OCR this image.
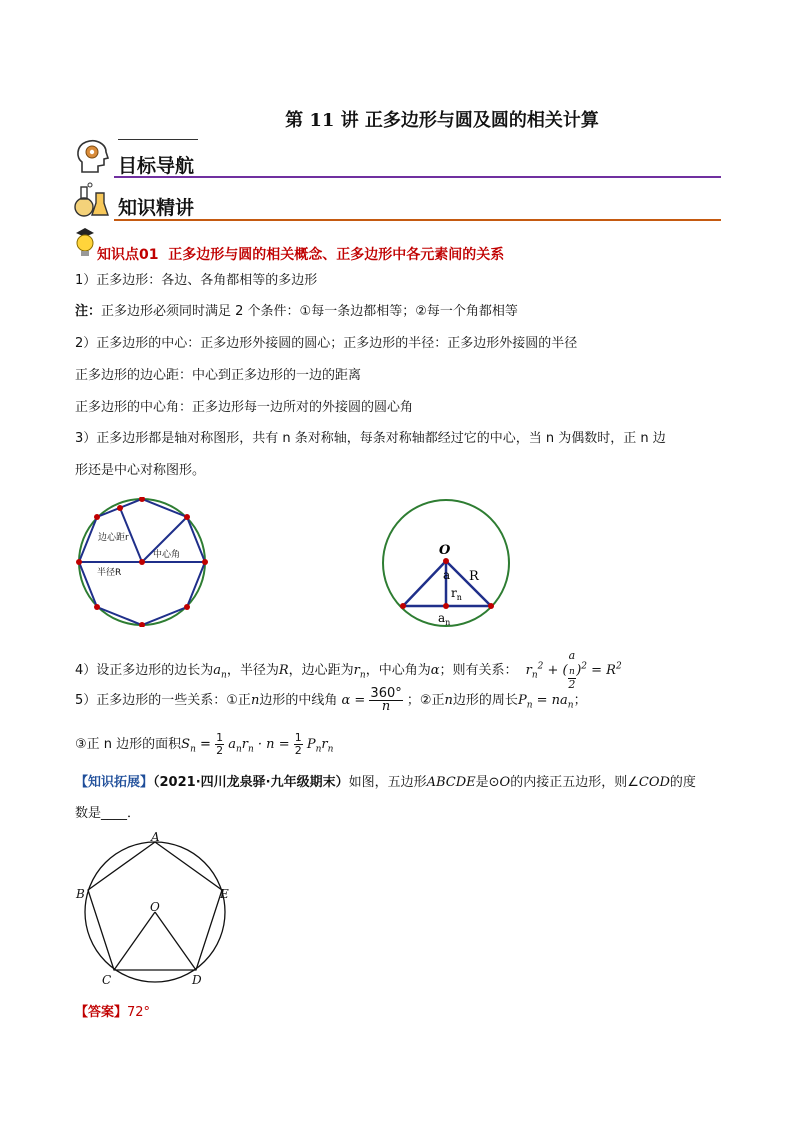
第 11 讲 正多边形与圆及圆的相关计算
目标导航
知识精讲
知识点01 正多边形与圆的相关概念、正多边形中各元素间的关系
1）正多边形：各边、各角都相等的多边形
注：正多边形必须同时满足 2 个条件：①每一条边都相等；②每一个角都相等
2）正多边形的中心：正多边形外接圆的圆心；正多边形的半径：正多边形外接圆的半径
正多边形的边心距：中心到正多边形的一边的距离
正多边形的中心角：正多边形每一边所对的外接圆的圆心角
3）正多边形都是轴对称图形，共有 n 条对称轴，每条对称轴都经过它的中心，当 n 为偶数时，正 n 边
形还是中心对称图形。
边心距r
中心角
半径R
O
a R
$r_n$
$a_n$
4）设正多边形的边长为$a_n$，半径为R，边心距为$r_n$，中心角为α；则有关系： $r_n^2$ + ( a
$_n$
2 )$^2 = R^2$
5）正多边形的一些关系：①正n边形的中线角 $\alpha = \frac{360^\circ}{n}$ ；②正n边形的周长$P_n = na_n$；
③正 n 边形的面积$S_n = \frac{1}{2} a_nr_n \cdot n = \frac{1}{2} P_nr_n$
【知识拓展】（2021·四川龙泉驿·九年级期末）如图，五边形ABCDE是⊙O的内接正五边形，则∠COD的度
数是____．
A
B
C	D
E
O
【答案】72°
